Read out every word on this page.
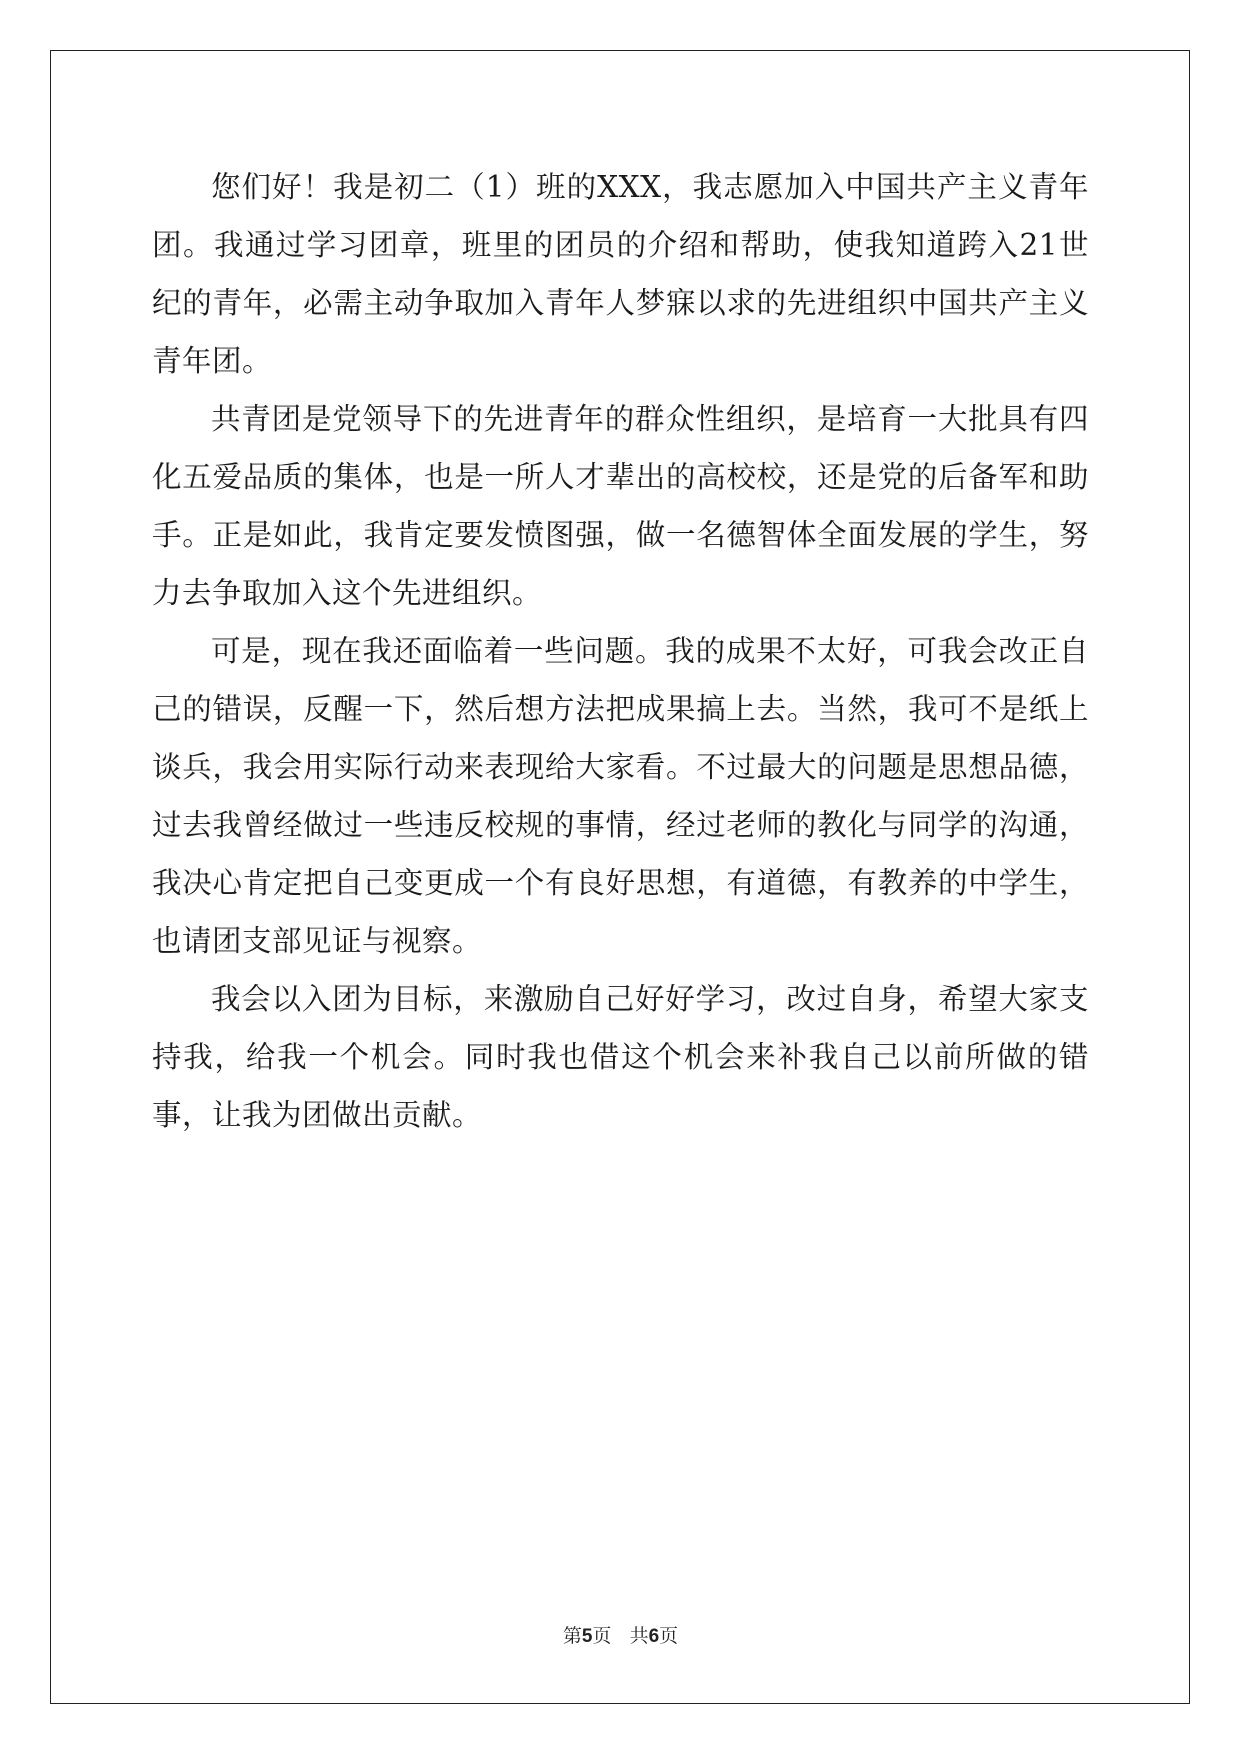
您们好！我是初二（1）班的XXX，我志愿加入中国共产主义青年团。我通过学习团章，班里的团员的介绍和帮助，使我知道跨入21世纪的青年，必需主动争取加入青年人梦寐以求的先进组织中国共产主义青年团。

共青团是党领导下的先进青年的群众性组织，是培育一大批具有四化五爱品质的集体，也是一所人才辈出的高校校，还是党的后备军和助手。正是如此，我肯定要发愤图强，做一名德智体全面发展的学生，努力去争取加入这个先进组织。

可是，现在我还面临着一些问题。我的成果不太好，可我会改正自己的错误，反醒一下，然后想方法把成果搞上去。当然，我可不是纸上谈兵，我会用实际行动来表现给大家看。不过最大的问题是思想品德，过去我曾经做过一些违反校规的事情，经过老师的教化与同学的沟通，我决心肯定把自己变更成一个有良好思想，有道德，有教养的中学生，也请团支部见证与视察。

我会以入团为目标，来激励自己好好学习，改过自身，希望大家支持我，给我一个机会。同时我也借这个机会来补我自己以前所做的错事，让我为团做出贡献。

第5页 共6页
